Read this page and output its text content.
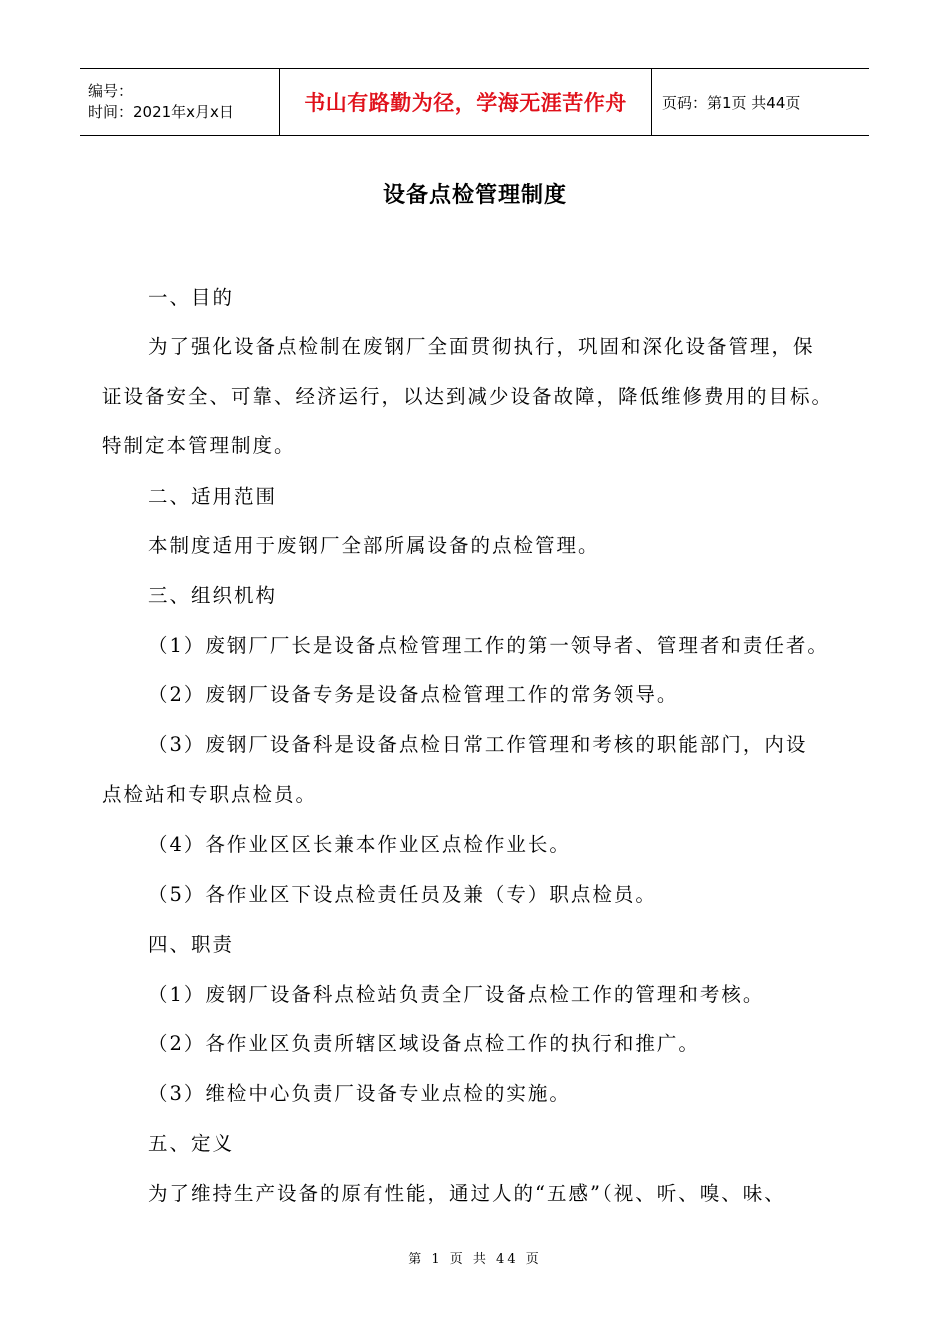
编号：
时间：2021年x月x日	书山有路勤为径，学海无涯苦作舟 页码：第1页 共44页
设备点检管理制度
一、目的
为了强化设备点检制在废钢厂全面贯彻执行，巩固和深化设备管理，保
证设备安全、可靠、经济运行，以达到减少设备故障，降低维修费用的目标。
特制定本管理制度。
二、适用范围
本制度适用于废钢厂全部所属设备的点检管理。
三、组织机构
（1）废钢厂厂长是设备点检管理工作的第一领导者、管理者和责任者。
（2）废钢厂设备专务是设备点检管理工作的常务领导。
（3）废钢厂设备科是设备点检日常工作管理和考核的职能部门，内设
点检站和专职点检员。
（4）各作业区区长兼本作业区点检作业长。
（5）各作业区下设点检责任员及兼（专）职点检员。
四、职责
（1）废钢厂设备科点检站负责全厂设备点检工作的管理和考核。
（2）各作业区负责所辖区域设备点检工作的执行和推广。
（3）维检中心负责厂设备专业点检的实施。
五、定义
为了维持生产设备的原有性能，通过人的“五感”（视、听、嗅、味、
第 1 页 共 44 页
